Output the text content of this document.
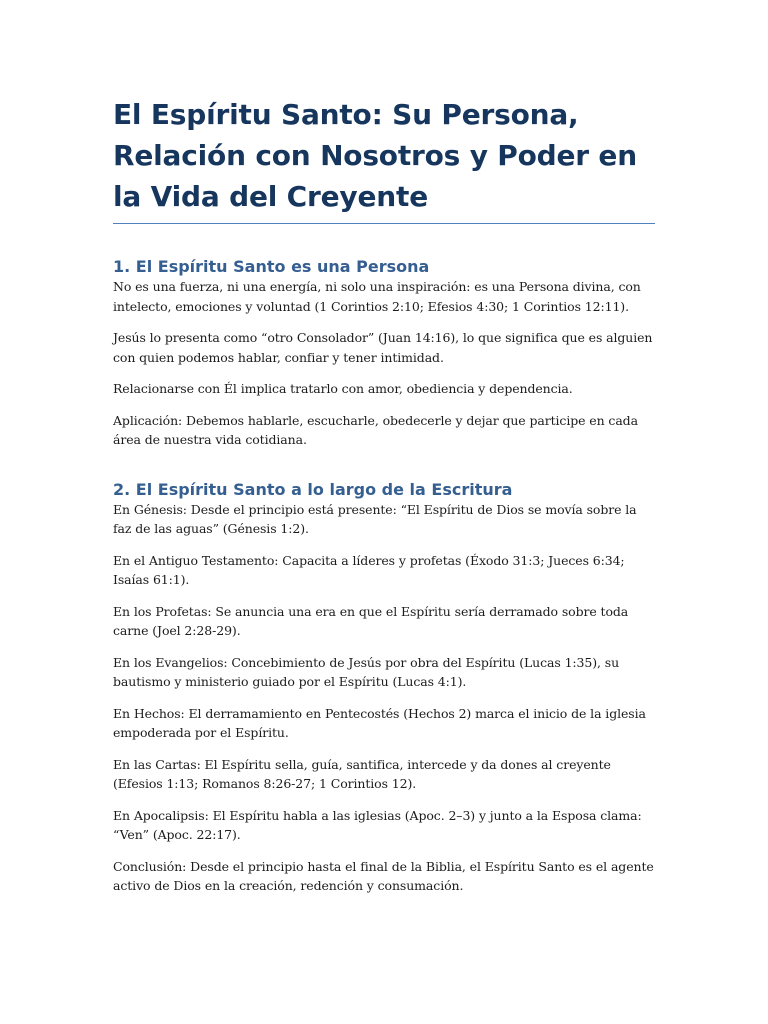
El Espíritu Santo: Su Persona, Relación con Nosotros y Poder en la Vida del Creyente
1. El Espíritu Santo es una Persona

No es una fuerza, ni una energía, ni solo una inspiración: es una Persona divina, con intelecto, emociones y voluntad (1 Corintios 2:10; Efesios 4:30; 1 Corintios 12:11).

Jesús lo presenta como “otro Consolador” (Juan 14:16), lo que significa que es alguien con quien podemos hablar, confiar y tener intimidad.

Relacionarse con Él implica tratarlo con amor, obediencia y dependencia.

Aplicación: Debemos hablarle, escucharle, obedecerle y dejar que participe en cada área de nuestra vida cotidiana.

2. El Espíritu Santo a lo largo de la Escritura

En Génesis: Desde el principio está presente: “El Espíritu de Dios se movía sobre la faz de las aguas” (Génesis 1:2).

En el Antiguo Testamento: Capacita a líderes y profetas (Éxodo 31:3; Jueces 6:34; Isaías 61:1).

En los Profetas: Se anuncia una era en que el Espíritu sería derramado sobre toda carne (Joel 2:28-29).

En los Evangelios: Concebimiento de Jesús por obra del Espíritu (Lucas 1:35), su bautismo y ministerio guiado por el Espíritu (Lucas 4:1).

En Hechos: El derramamiento en Pentecostés (Hechos 2) marca el inicio de la iglesia empoderada por el Espíritu.

En las Cartas: El Espíritu sella, guía, santifica, intercede y da dones al creyente (Efesios 1:13; Romanos 8:26-27; 1 Corintios 12).

En Apocalipsis: El Espíritu habla a las iglesias (Apoc. 2–3) y junto a la Esposa clama: “Ven” (Apoc. 22:17).

Conclusión: Desde el principio hasta el final de la Biblia, el Espíritu Santo es el agente activo de Dios en la creación, redención y consumación.
